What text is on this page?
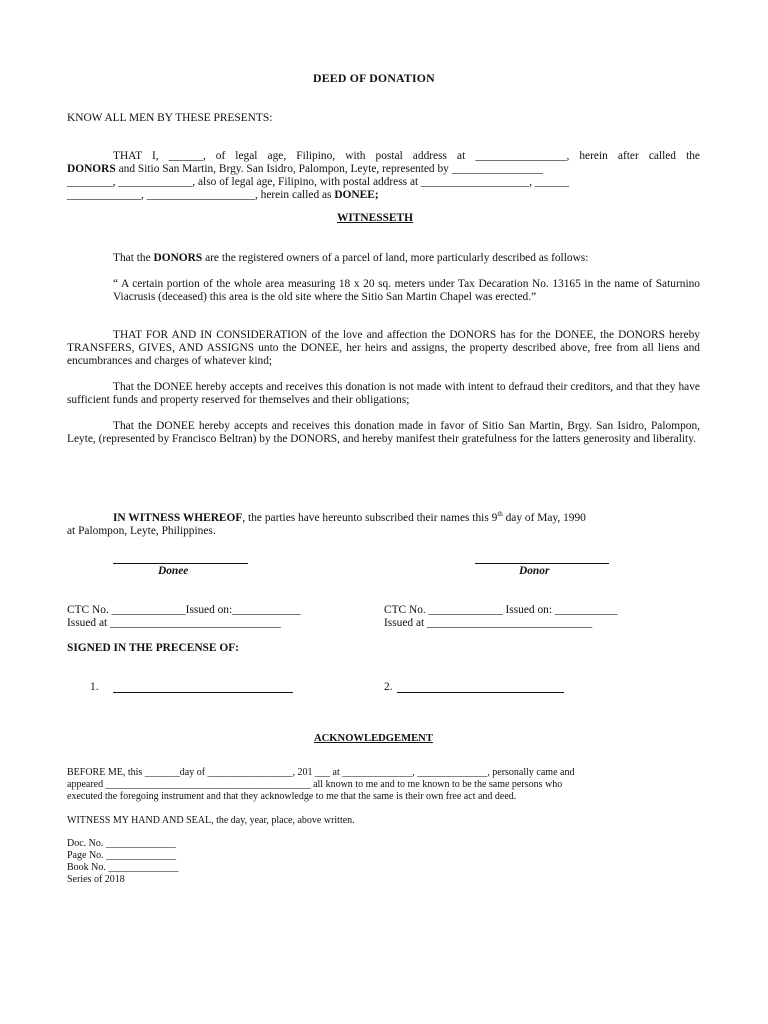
DEED OF DONATION
KNOW ALL MEN BY THESE PRESENTS:
THAT I, ______, of legal age, Filipino, with postal address at ________________, herein after called the
DONORS and Sitio San Martin, Brgy. San Isidro, Palompon, Leyte, represented by ________________
________, _____________, also of legal age, Filipino, with postal address at ___________________, ______
_____________, ___________________, herein called as DONEE;
WITNESSETH
That the DONORS are the registered owners of a parcel of land, more particularly described as follows:
“ A certain portion of the whole area measuring 18 x 20 sq. meters under Tax Decaration No. 13165 in the name of Saturnino Viacrusis (deceased) this area is the old site where the Sitio San Martin Chapel was erected.”
THAT FOR AND IN CONSIDERATION of the love and affection the DONORS has for the DONEE, the DONORS hereby TRANSFERS, GIVES, AND ASSIGNS unto the DONEE, her heirs and assigns, the property described above, free from all liens and encumbrances and charges of whatever kind;
That the DONEE hereby accepts and receives this donation is not made with intent to defraud their creditors, and that they have sufficient funds and property reserved for themselves and their obligations;
That the DONEE hereby accepts and receives this donation made in favor of Sitio San Martin, Brgy. San Isidro, Palompon, Leyte, (represented by Francisco Beltran) by the DONORS, and hereby manifest their gratefulness for the latters generosity and liberality.
IN WITNESS WHEREOF, the parties have hereunto subscribed their names this 9th day of May, 1990
at Palompon, Leyte, Philippines.
Donee	Donor
CTC No. _____________Issued on:____________
Issued at ______________________________
CTC No. _____________ Issued on: ___________
Issued at _____________________________
SIGNED IN THE PRECENSE OF:
1.	2.
ACKNOWLEDGEMENT
BEFORE ME, this _______day of _________________, 201 ___ at ______________, ______________, personally came and
appeared _________________________________________ all known to me and to me known to be the same persons who
executed the foregoing instrument and that they acknowledge to me that the same is their own free act and deed.
WITNESS MY HAND AND SEAL, the day, year, place, above written.
Doc. No. ______________
Page No. ______________
Book No. ______________
Series of 2018
